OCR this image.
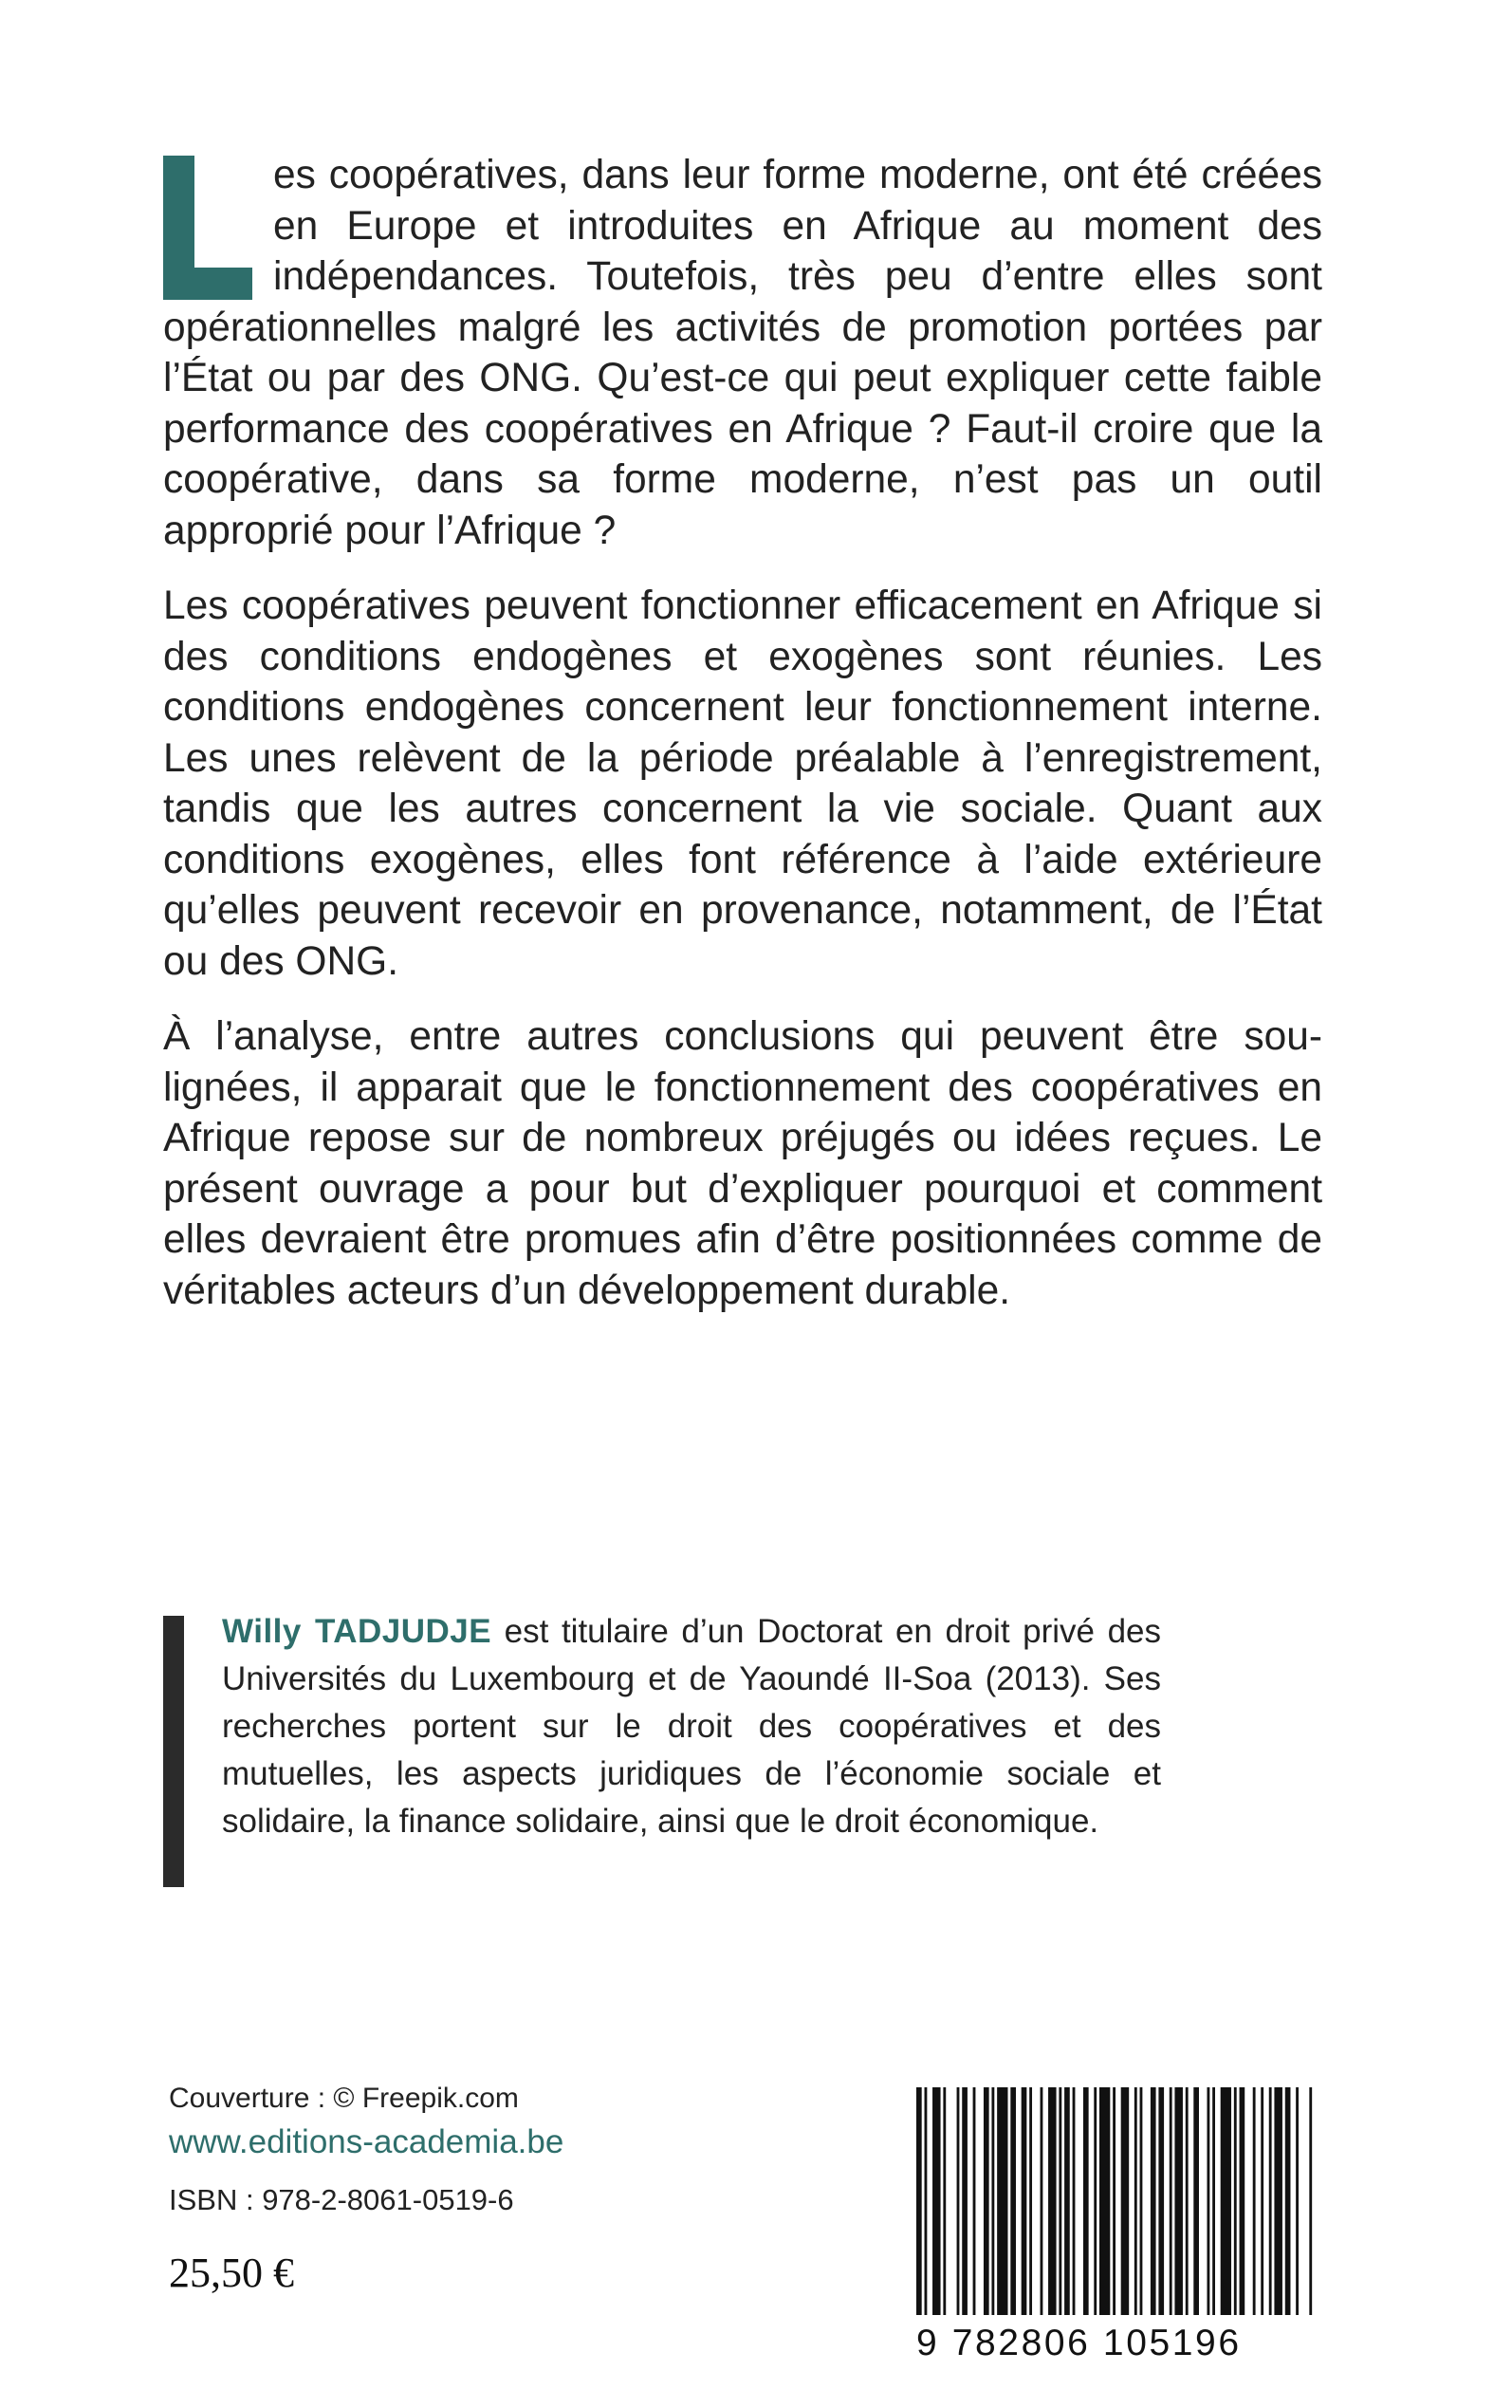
es coopératives, dans leur forme moderne, ont été créées en Europe et introduites en Afrique au moment des indépendances. Toutefois, très peu d’entre elles sont opérationnelles malgré les activités de promotion portées par l’État ou par des ONG. Qu’est-ce qui peut expliquer cette faible performance des coopératives en Afrique ? Faut-il croire que la coopérative, dans sa forme moderne, n’est pas un outil approprié pour l’Afrique ?

Les coopératives peuvent fonctionner efficacement en Afrique si des conditions endogènes et exogènes sont réunies. Les conditions endogènes concernent leur fonctionnement interne. Les unes relèvent de la période préalable à l’enregistrement, tandis que les autres concernent la vie sociale. Quant aux conditions exogènes, elles font référence à l’aide extérieure qu’elles peuvent recevoir en provenance, notamment, de l’État ou des ONG.

À l’analyse, entre autres conclusions qui peuvent être soulignées, il apparait que le fonctionnement des coopératives en Afrique repose sur de nombreux préjugés ou idées reçues. Le présent ouvrage a pour but d’expliquer pourquoi et comment elles devraient être promues afin d’être positionnées comme de véritables acteurs d’un développement durable.

Willy TADJUDJE est titulaire d’un Doctorat en droit privé des Universités du Luxembourg et de Yaoundé II-Soa (2013). Ses recherches portent sur le droit des coopératives et des mutuelles, les aspects juridiques de l’économie sociale et solidaire, la finance solidaire, ainsi que le droit économique.
Couverture : © Freepik.com
www.editions-academia.be
ISBN : 978-2-8061-0519-6
25,50 €
9 782806 105196
